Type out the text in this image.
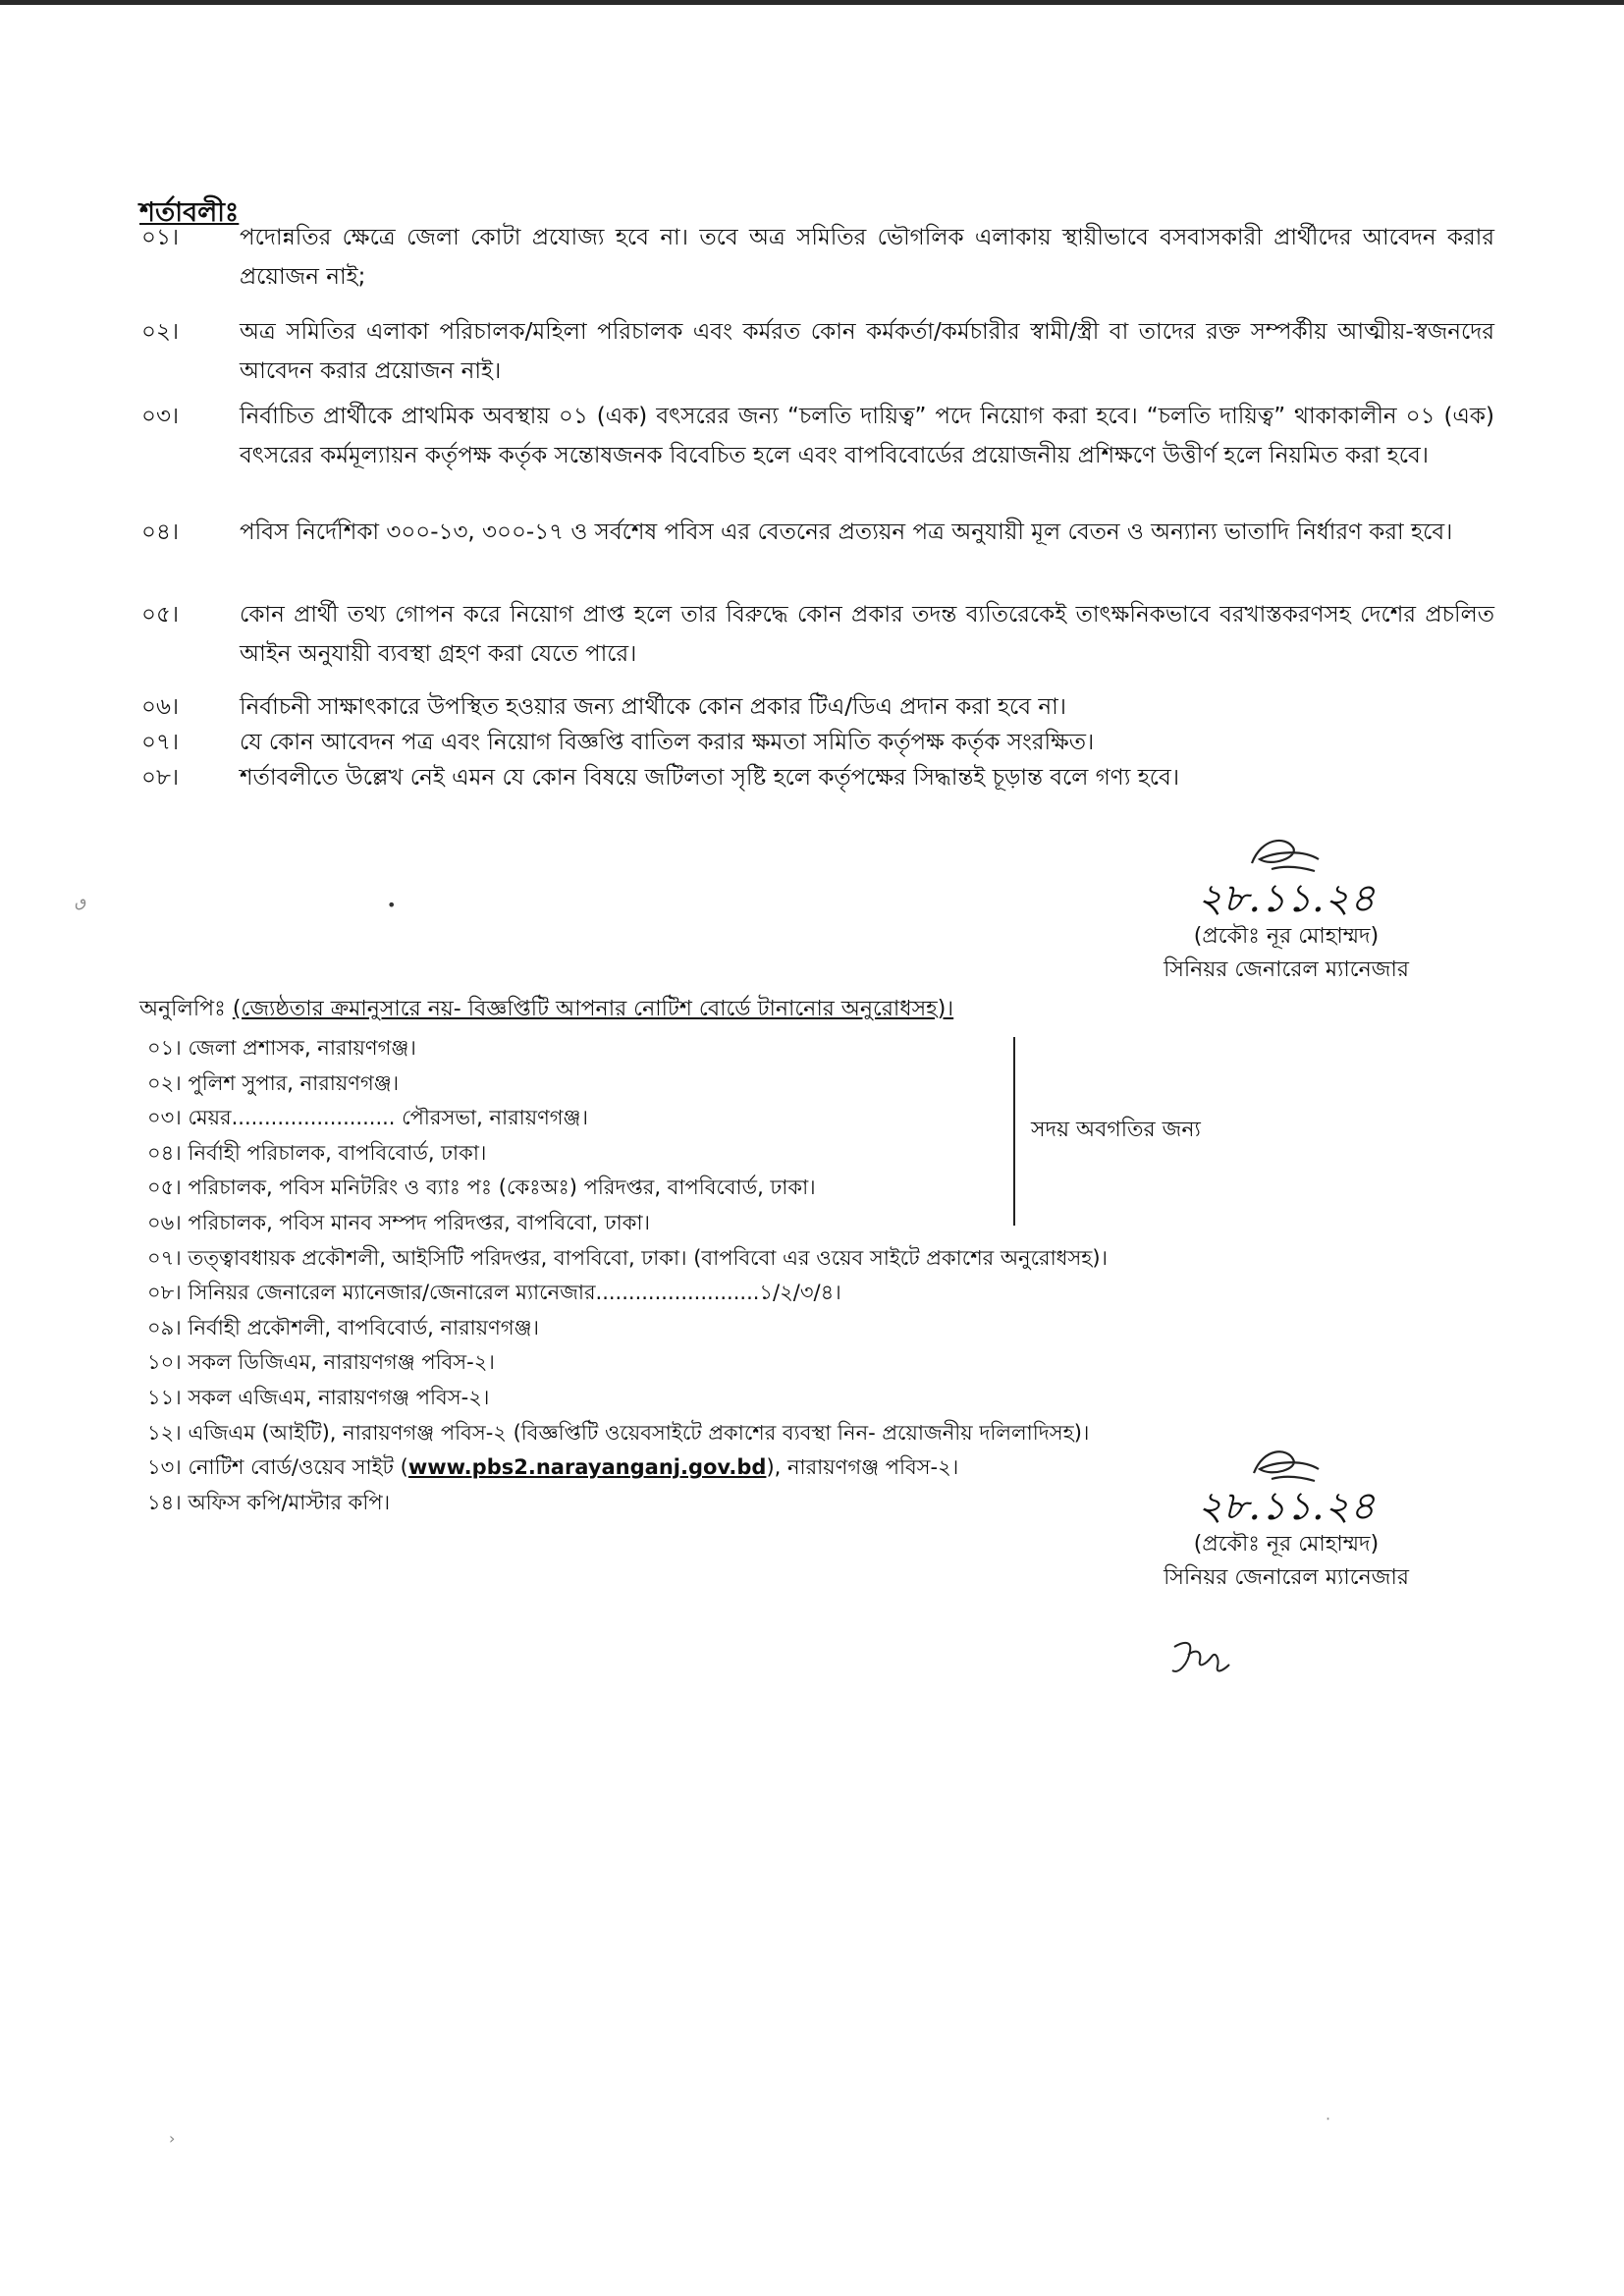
শর্তাবলীঃ
০১।	পদোন্নতির ক্ষেত্রে জেলা কোটা প্রযোজ্য হবে না। তবে অত্র সমিতির ভৌগলিক এলাকায় স্থায়ীভাবে বসবাসকারী প্রার্থীদের আবেদন করার প্রয়োজন নাই;
০২।	অত্র সমিতির এলাকা পরিচালক/মহিলা পরিচালক এবং কর্মরত কোন কর্মকর্তা/কর্মচারীর স্বামী/স্ত্রী বা তাদের রক্ত সম্পর্কীয় আত্মীয়-স্বজনদের আবেদন করার প্রয়োজন নাই।
০৩।	নির্বাচিত প্রার্থীকে প্রাথমিক অবস্থায় ০১ (এক) বৎসরের জন্য “চলতি দায়িত্ব” পদে নিয়োগ করা হবে। “চলতি দায়িত্ব” থাকাকালীন ০১ (এক) বৎসরের কর্মমূল্যায়ন কর্তৃপক্ষ কর্তৃক সন্তোষজনক বিবেচিত হলে এবং বাপবিবোর্ডের প্রয়োজনীয় প্রশিক্ষণে উত্তীর্ণ হলে নিয়মিত করা হবে।
০৪।	পবিস নির্দেশিকা ৩০০-১৩, ৩০০-১৭ ও সর্বশেষ পবিস এর বেতনের প্রত্যয়ন পত্র অনুযায়ী মূল বেতন ও অন্যান্য ভাতাদি নির্ধারণ করা হবে।
০৫।	কোন প্রার্থী তথ্য গোপন করে নিয়োগ প্রাপ্ত হলে তার বিরুদ্ধে কোন প্রকার তদন্ত ব্যতিরেকেই তাৎক্ষনিকভাবে বরখাস্তকরণসহ দেশের প্রচলিত আইন অনুযায়ী ব্যবস্থা গ্রহণ করা যেতে পারে।
০৬।	নির্বাচনী সাক্ষাৎকারে উপস্থিত হওয়ার জন্য প্রার্থীকে কোন প্রকার টিএ/ডিএ প্রদান করা হবে না।
০৭।	যে কোন আবেদন পত্র এবং নিয়োগ বিজ্ঞপ্তি বাতিল করার ক্ষমতা সমিতি কর্তৃপক্ষ কর্তৃক সংরক্ষিত।
০৮।	শর্তাবলীতে উল্লেখ নেই এমন যে কোন বিষয়ে জটিলতা সৃষ্টি হলে কর্তৃপক্ষের সিদ্ধান্তই চূড়ান্ত বলে গণ্য হবে।
ٯ	•	২৮.১১.২৪
(প্রকৌঃ নূর মোহাম্মদ)
সিনিয়র জেনারেল ম্যানেজার
অনুলিপিঃ (জ্যেষ্ঠতার ক্রমানুসারে নয়- বিজ্ঞপ্তিটি আপনার নোটিশ বোর্ডে টানানোর অনুরোধসহ)।
০১। জেলা প্রশাসক, নারায়ণগঞ্জ।
০২। পুলিশ সুপার, নারায়ণগঞ্জ।
০৩। মেয়র......................... পৌরসভা, নারায়ণগঞ্জ।
০৪। নির্বাহী পরিচালক, বাপবিবোর্ড, ঢাকা।
০৫। পরিচালক, পবিস মনিটরিং ও ব্যাঃ পঃ (কেঃঅঃ) পরিদপ্তর, বাপবিবোর্ড, ঢাকা।
০৬। পরিচালক, পবিস মানব সম্পদ পরিদপ্তর, বাপবিবো, ঢাকা।
০৭। তত্ত্বাবধায়ক প্রকৌশলী, আইসিটি পরিদপ্তর, বাপবিবো, ঢাকা। (বাপবিবো এর ওয়েব সাইটে প্রকাশের অনুরোধসহ)।
০৮। সিনিয়র জেনারেল ম্যানেজার/জেনারেল ম্যানেজার.........................১/২/৩/৪।
০৯। নির্বাহী প্রকৌশলী, বাপবিবোর্ড, নারায়ণগঞ্জ।
১০। সকল ডিজিএম, নারায়ণগঞ্জ পবিস-২।
১১। সকল এজিএম, নারায়ণগঞ্জ পবিস-২।
১২। এজিএম (আইটি), নারায়ণগঞ্জ পবিস-২ (বিজ্ঞপ্তিটি ওয়েবসাইটে প্রকাশের ব্যবস্থা নিন- প্রয়োজনীয় দলিলাদিসহ)।
১৩। নোটিশ বোর্ড/ওয়েব সাইট (www.pbs2.narayanganj.gov.bd), নারায়ণগঞ্জ পবিস-২।
১৪। অফিস কপি/মাস্টার কপি।
সদয় অবগতির জন্য
২৮.১১.২৪
(প্রকৌঃ নূর মোহাম্মদ)
সিনিয়র জেনারেল ম্যানেজার
·
›
